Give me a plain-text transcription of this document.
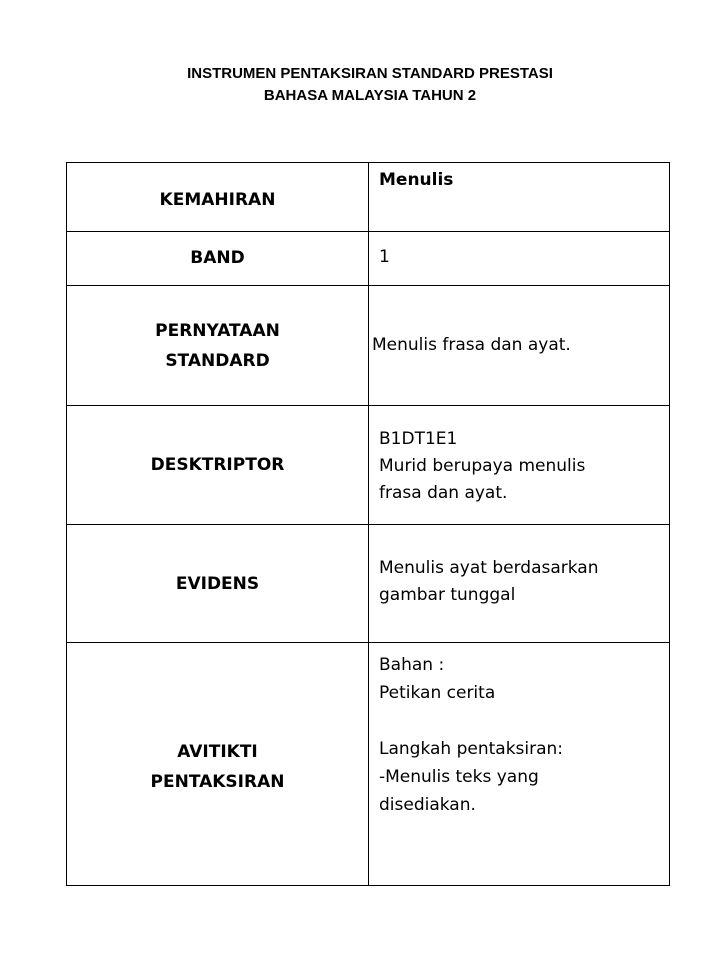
INSTRUMEN PENTAKSIRAN STANDARD PRESTASI
BAHASA MALAYSIA TAHUN 2
KEMAHIRAN	Menulis

BAND	1

PERNYATAAN
STANDARD	Menulis frasa dan ayat.

DESKTRIPTOR	B1DT1E1
Murid berupaya menulis
frasa dan ayat.

EVIDENS	Menulis ayat berdasarkan
gambar tunggal

AVITIKTI
PENTAKSIRAN	Bahan :
Petikan cerita

Langkah pentaksiran:
-Menulis teks yang
disediakan.
